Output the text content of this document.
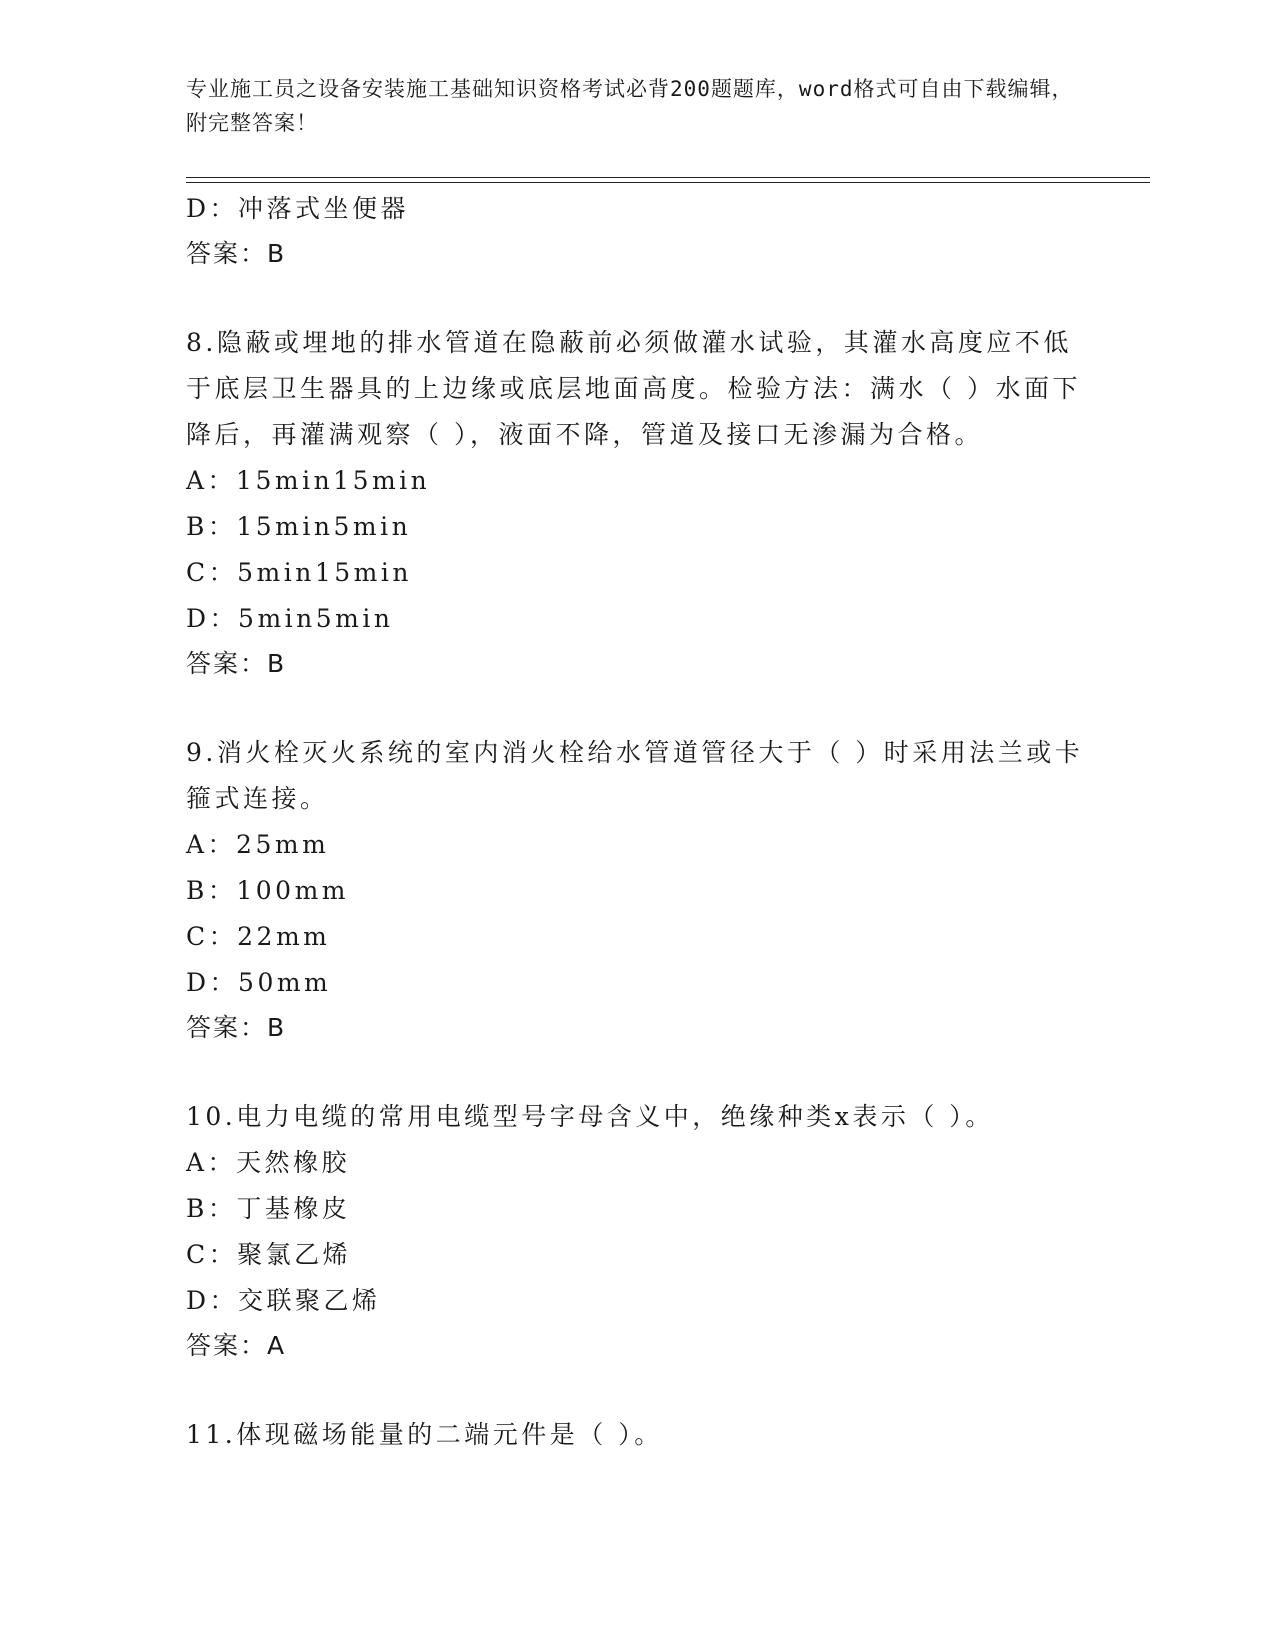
专业施工员之设备安装施工基础知识资格考试必背200题题库，word格式可自由下载编辑，附完整答案！
D：冲落式坐便器
答案：B
8.隐蔽或埋地的排水管道在隐蔽前必须做灌水试验，其灌水高度应不低于底层卫生器具的上边缘或底层地面高度。检验方法：满水（ ）水面下降后，再灌满观察（ ），液面不降，管道及接口无渗漏为合格。
A：15min15min
B：15min5min
C：5min15min
D：5min5min
答案：B
9.消火栓灭火系统的室内消火栓给水管道管径大于（ ）时采用法兰或卡箍式连接。
A：25mm
B：100mm
C：22mm
D：50mm
答案：B
10.电力电缆的常用电缆型号字母含义中，绝缘种类x表示（ ）。
A：天然橡胶
B：丁基橡皮
C：聚氯乙烯
D：交联聚乙烯
答案：A
11.体现磁场能量的二端元件是（ ）。
